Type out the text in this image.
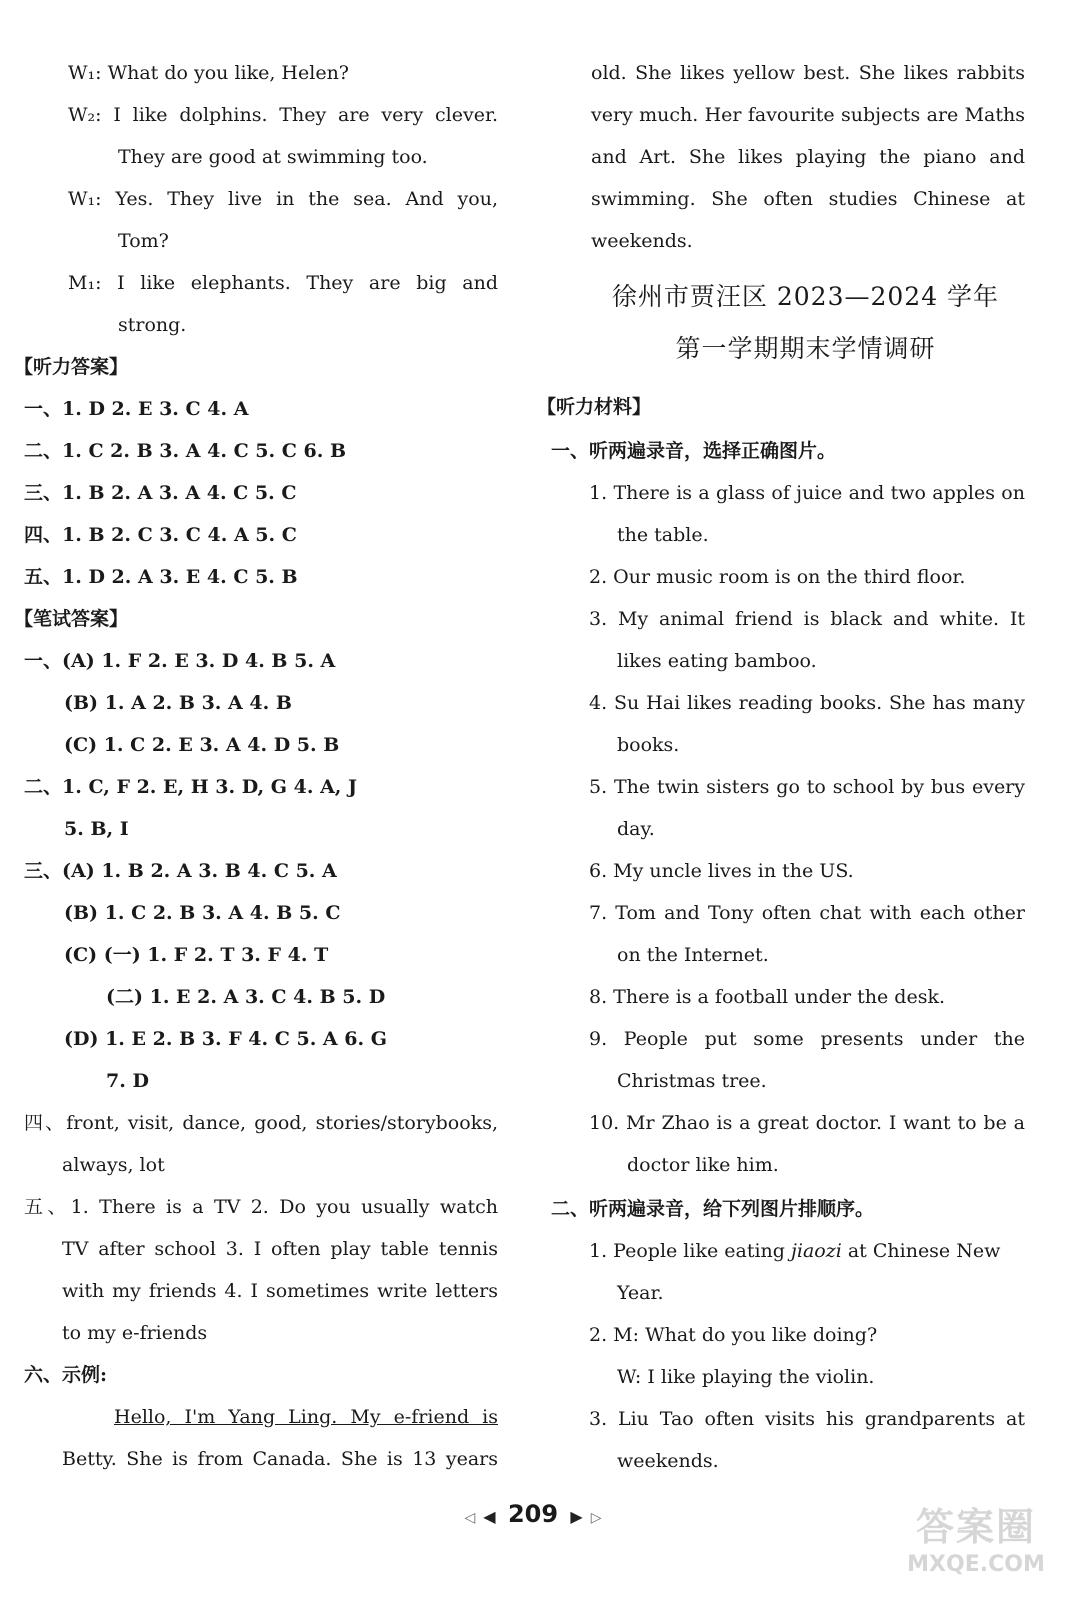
W₁: What do you like, Helen?
W₂: I like dolphins. They are very clever.
They are good at swimming too.
W₁: Yes. They live in the sea. And you,
Tom?
M₁: I like elephants. They are big and
strong.
【听力答案】
一、1. D 2. E 3. C 4. A
二、1. C 2. B 3. A 4. C 5. C 6. B
三、1. B 2. A 3. A 4. C 5. C
四、1. B 2. C 3. C 4. A 5. C
五、1. D 2. A 3. E 4. C 5. B
【笔试答案】
一、(A) 1. F 2. E 3. D 4. B 5. A
(B) 1. A 2. B 3. A 4. B
(C) 1. C 2. E 3. A 4. D 5. B
二、1. C, F 2. E, H 3. D, G 4. A, J
5. B, I
三、(A) 1. B 2. A 3. B 4. C 5. A
(B) 1. C 2. B 3. A 4. B 5. C
(C) (一) 1. F 2. T 3. F 4. T
(二) 1. E 2. A 3. C 4. B 5. D
(D) 1. E 2. B 3. F 4. C 5. A 6. G
7. D
四、front, visit, dance, good, stories/storybooks,
always, lot
五、1. There is a TV 2. Do you usually watch
TV after school 3. I often play table tennis
with my friends 4. I sometimes write letters
to my e-friends
六、示例:
Hello, I'm Yang Ling. My e-friend is
Betty. She is from Canada. She is 13 years
old. She likes yellow best. She likes rabbits
very much. Her favourite subjects are Maths
and Art. She likes playing the piano and
swimming. She often studies Chinese at
weekends.
徐州市贾汪区 2023—2024 学年
第一学期期末学情调研
【听力材料】
一、听两遍录音，选择正确图片。
1. There is a glass of juice and two apples on
the table.
2. Our music room is on the third floor.
3. My animal friend is black and white. It
likes eating bamboo.
4. Su Hai likes reading books. She has many
books.
5. The twin sisters go to school by bus every
day.
6. My uncle lives in the US.
7. Tom and Tony often chat with each other
on the Internet.
8. There is a football under the desk.
9. People put some presents under the
Christmas tree.
10. Mr Zhao is a great doctor. I want to be a
doctor like him.
二、听两遍录音，给下列图片排顺序。
1. People like eating jiaozi at Chinese New
Year.
2. M: What do you like doing?
W: I like playing the violin.
3. Liu Tao often visits his grandparents at
weekends.
◁ ◀ 209 ▶ ▷	答案圈
MXQE.COM
